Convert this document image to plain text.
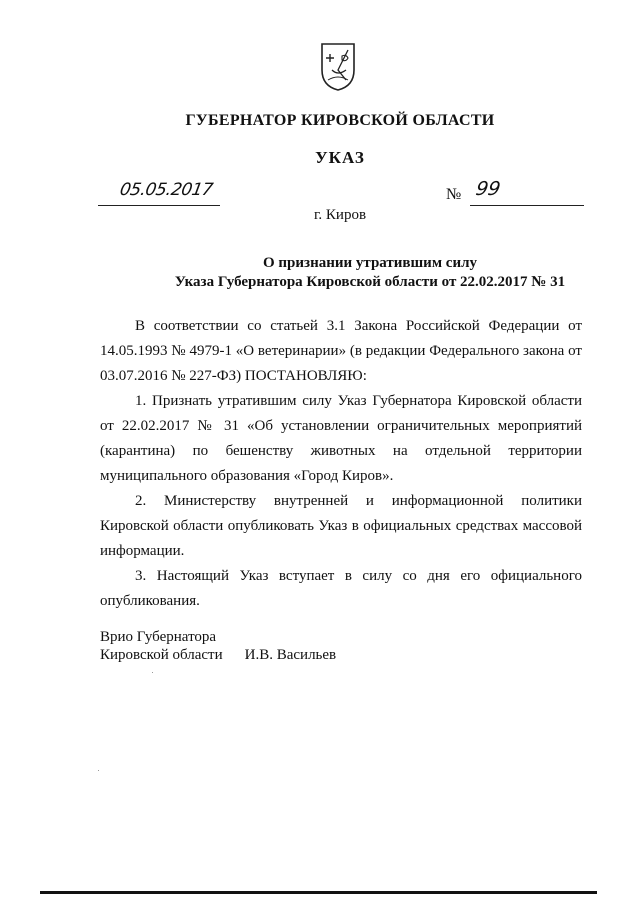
ГУБЕРНАТОР КИРОВСКОЙ ОБЛАСТИ
УКАЗ
05.05.2017	№ 99
г. Киров
О признании утратившим силу
Указа Губернатора Кировской области от 22.02.2017 № 31

В соответствии со статьей 3.1 Закона Российской Федерации от 14.05.1993 № 4979-1 «О ветеринарии» (в редакции Федерального закона от 03.07.2016 № 227-ФЗ) ПОСТАНОВЛЯЮ:

1. Признать утратившим силу Указ Губернатора Кировской области от 22.02.2017 № 31 «Об установлении ограничительных мероприятий (карантина) по бешенству животных на отдельной территории муниципального образования «Город Киров».

2. Министерству внутренней и информационной политики Кировской области опубликовать Указ в официальных средствах массовой информации.

3. Настоящий Указ вступает в силу со дня его официального опубликования.

Врио Губернатора
Кировской области И.В. Васильев
